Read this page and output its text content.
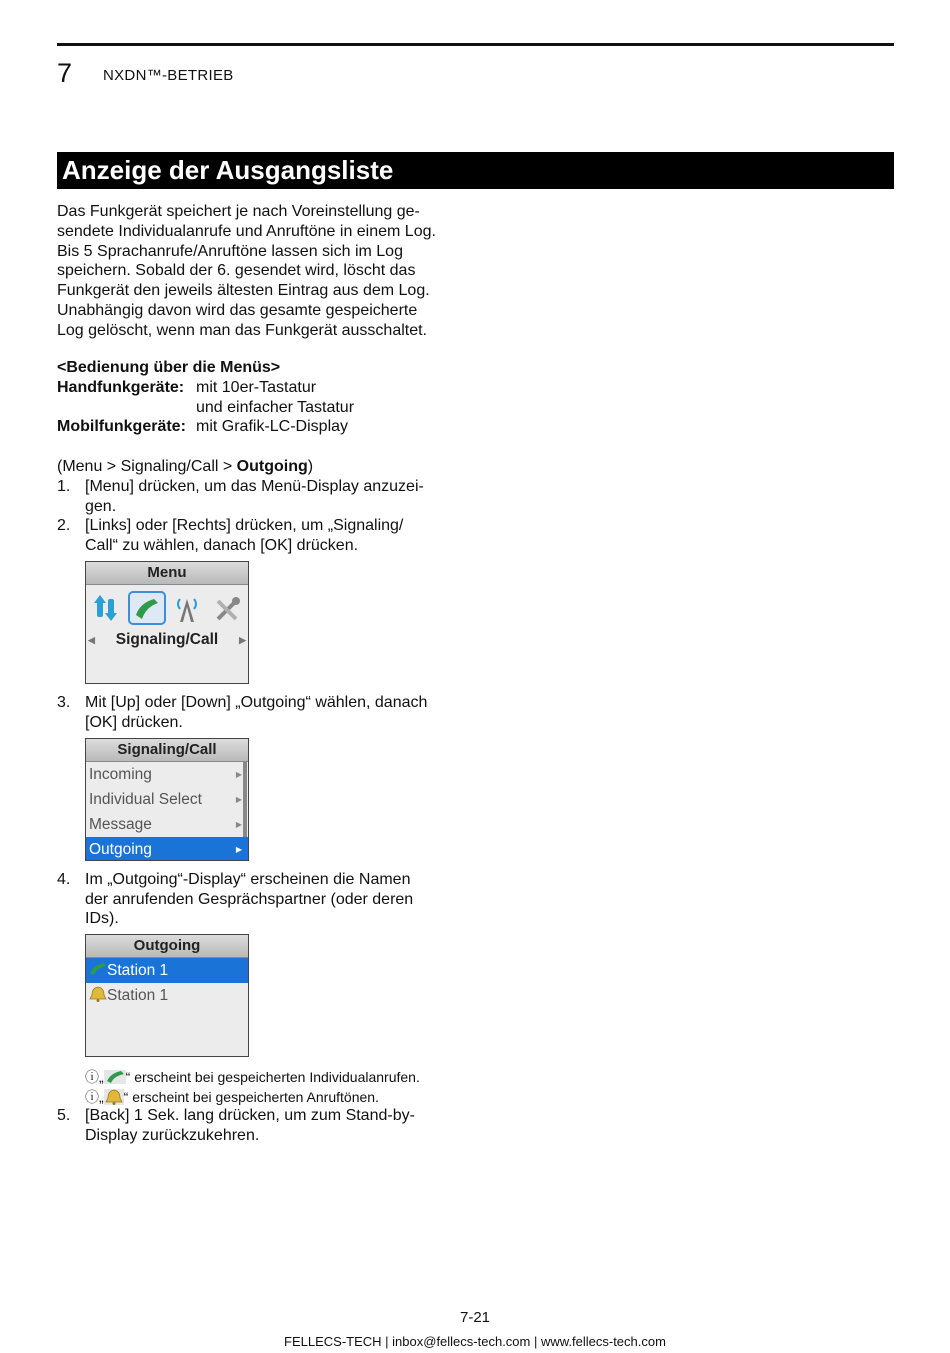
7 NXDN™-BETRIEB
Anzeige der Ausgangsliste
Das Funkgerät speichert je nach Voreinstellung ge-
sendete Individualanrufe und Anruftöne in einem Log.
Bis 5 Sprachanrufe/Anruftöne lassen sich im Log
speichern. Sobald der 6. gesendet wird, löscht das
Funkgerät den jeweils ältesten Eintrag aus dem Log.
Unabhängig davon wird das gesamte gespeicherte
Log gelöscht, wenn man das Funkgerät ausschaltet.
<Bedienung über die Menüs>
Handfunkgeräte: mit 10er-Tastatur
und einfacher Tastatur
Mobilfunkgeräte: mit Grafik-LC-Display
(Menu > Signaling/Call > Outgoing)
1. [Menu] drücken, um das Menü-Display anzuzei-
gen.
2. [Links] oder [Rechts] drücken, um „Signaling/
Call“ zu wählen, danach [OK] drücken.
Menu
◀ Signaling/Call ▶
3. Mit [Up] oder [Down] „Outgoing“ wählen, danach
[OK] drücken.
Signaling/Call
Incoming	▶
Individual Select	▶
Message	▶
Outgoing	▶
4. Im „Outgoing“-Display“ erscheinen die Namen
der anrufenden Gesprächspartner (oder deren
IDs).
Outgoing
Station 1
Station 1
ⓘ„ “ erscheint bei gespeicherten Individualanrufen.
ⓘ„ “ erscheint bei gespeicherten Anruftönen.
5. [Back] 1 Sek. lang drücken, um zum Stand-by-
Display zurückzukehren.
7-21
FELLECS-TECH | inbox@fellecs-tech.com | www.fellecs-tech.com
